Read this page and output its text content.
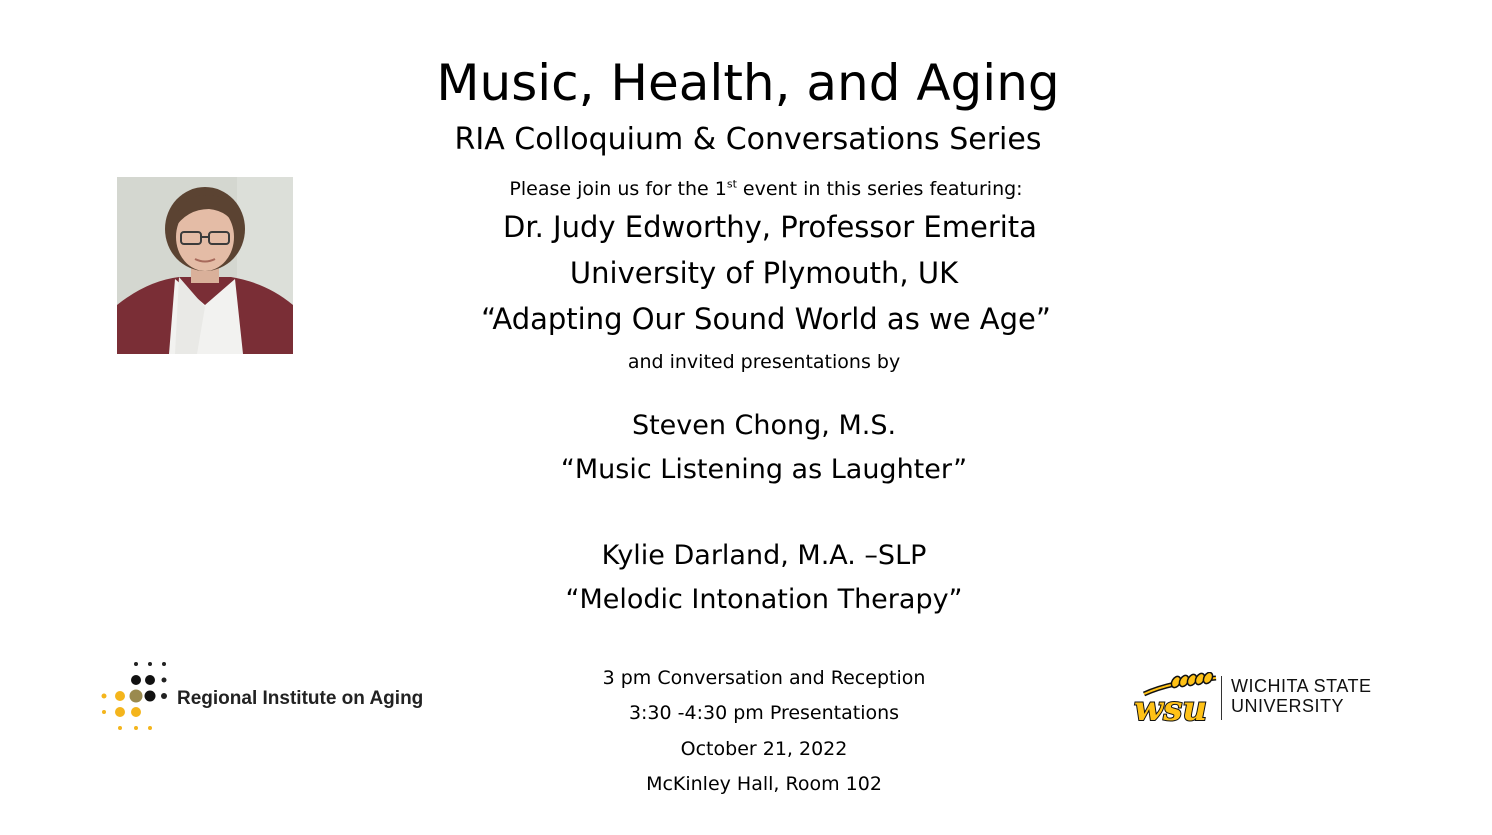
Music, Health, and Aging
RIA Colloquium & Conversations Series
Please join us for the 1st event in this series featuring:
Dr. Judy Edworthy, Professor Emerita
University of Plymouth, UK
“Adapting Our Sound World as we Age”
and invited presentations by
Steven Chong, M.S.
“Music Listening as Laughter”
Kylie Darland, M.A. –SLP
“Melodic Intonation Therapy”
3 pm Conversation and Reception
3:30 -4:30 pm Presentations
October 21, 2022
McKinley Hall, Room 102
Regional Institute on Aging	wsu
WICHITA STATE
UNIVERSITY
